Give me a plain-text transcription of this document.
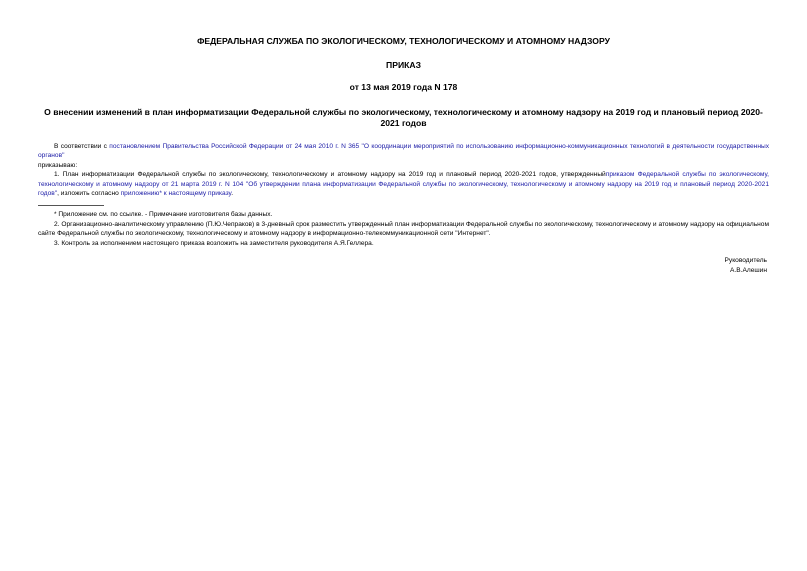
ФЕДЕРАЛЬНАЯ СЛУЖБА ПО ЭКОЛОГИЧЕСКОМУ, ТЕХНОЛОГИЧЕСКОМУ И АТОМНОМУ НАДЗОРУ
ПРИКАЗ
от 13 мая 2019 года N 178
О внесении изменений в план информатизации Федеральной службы по экологическому, технологическому и атомному надзору на 2019 год и плановый период 2020-2021 годов

В соответствии с постановлением Правительства Российской Федерации от 24 мая 2010 г. N 365 "О координации мероприятий по использованию информационно-коммуникационных технологий в деятельности государственных органов"

приказываю:

1. План информатизации Федеральной службы по экологическому, технологическому и атомному надзору на 2019 год и плановый период 2020-2021 годов, утвержденныйприказом Федеральной службы по экологическому, технологическому и атомному надзору от 21 марта 2019 г. N 104 "Об утверждении плана информатизации Федеральной службы по экологическому, технологическому и атомному надзору на 2019 год и плановый период 2020-2021 годов", изложить согласно приложению* к настоящему приказу.

* Приложение см. по ссылке. - Примечание изготовителя базы данных.

2. Организационно-аналитическому управлению (П.Ю.Чепраков) в 3-дневный срок разместить утвержденный план информатизации Федеральной службы по экологическому, технологическому и атомному надзору на официальном сайте Федеральной службы по экологическому, технологическому и атомному надзору в информационно-телекоммуникационной сети "Интернет".

3. Контроль за исполнением настоящего приказа возложить на заместителя руководителя А.Я.Геллера.

Руководитель
А.В.Алешин
